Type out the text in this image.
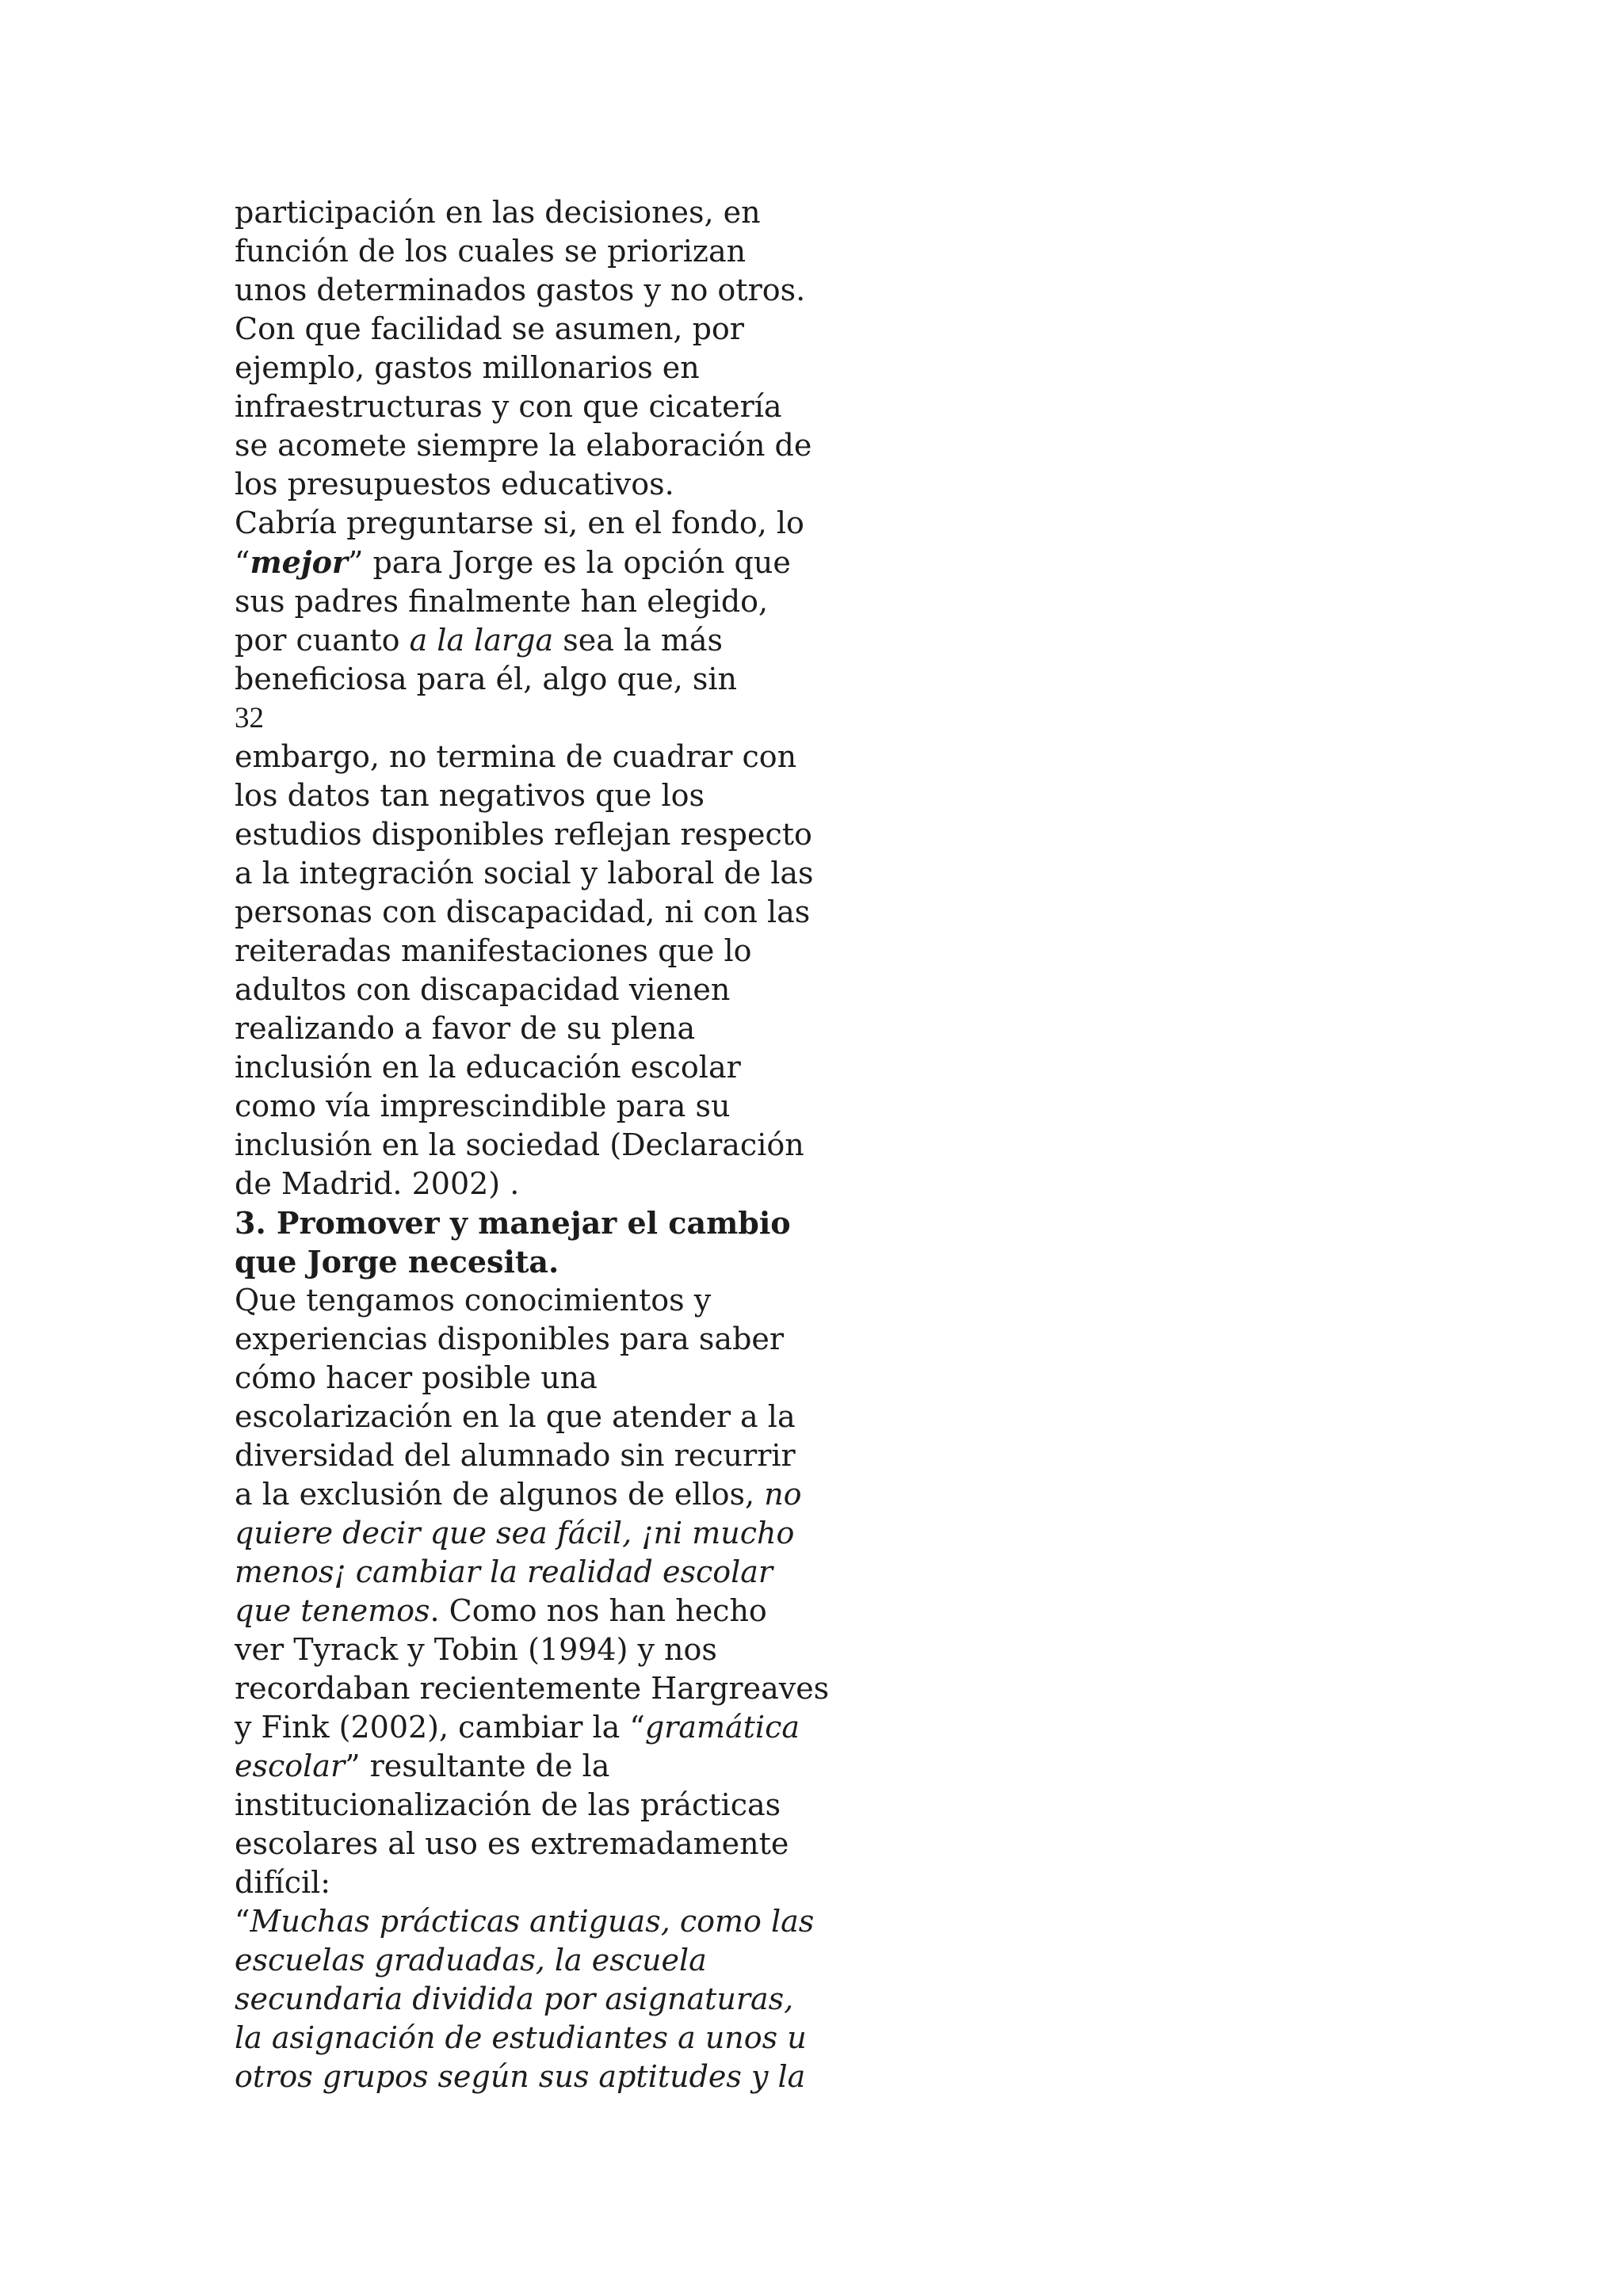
participación en las decisiones, en
función de los cuales se priorizan
unos determinados gastos y no otros.
Con que facilidad se asumen, por
ejemplo, gastos millonarios en
infraestructuras y con que cicatería
se acomete siempre la elaboración de
los presupuestos educativos.
Cabría preguntarse si, en el fondo, lo
“mejor” para Jorge es la opción que
sus padres finalmente han elegido,
por cuanto a la larga sea la más
beneficiosa para él, algo que, sin
32
embargo, no termina de cuadrar con
los datos tan negativos que los
estudios disponibles reflejan respecto
a la integración social y laboral de las
personas con discapacidad, ni con las
reiteradas manifestaciones que lo
adultos con discapacidad vienen
realizando a favor de su plena
inclusión en la educación escolar
como vía imprescindible para su
inclusión en la sociedad (Declaración
de Madrid. 2002) .
3. Promover y manejar el cambio
que Jorge necesita.
Que tengamos conocimientos y
experiencias disponibles para saber
cómo hacer posible una
escolarización en la que atender a la
diversidad del alumnado sin recurrir
a la exclusión de algunos de ellos, no
quiere decir que sea fácil, ¡ni mucho
menos¡ cambiar la realidad escolar
que tenemos. Como nos han hecho
ver Tyrack y Tobin (1994) y nos
recordaban recientemente Hargreaves
y Fink (2002), cambiar la “gramática
escolar” resultante de la
institucionalización de las prácticas
escolares al uso es extremadamente
difícil:
“Muchas prácticas antiguas, como las
escuelas graduadas, la escuela
secundaria dividida por asignaturas,
la asignación de estudiantes a unos u
otros grupos según sus aptitudes y la
